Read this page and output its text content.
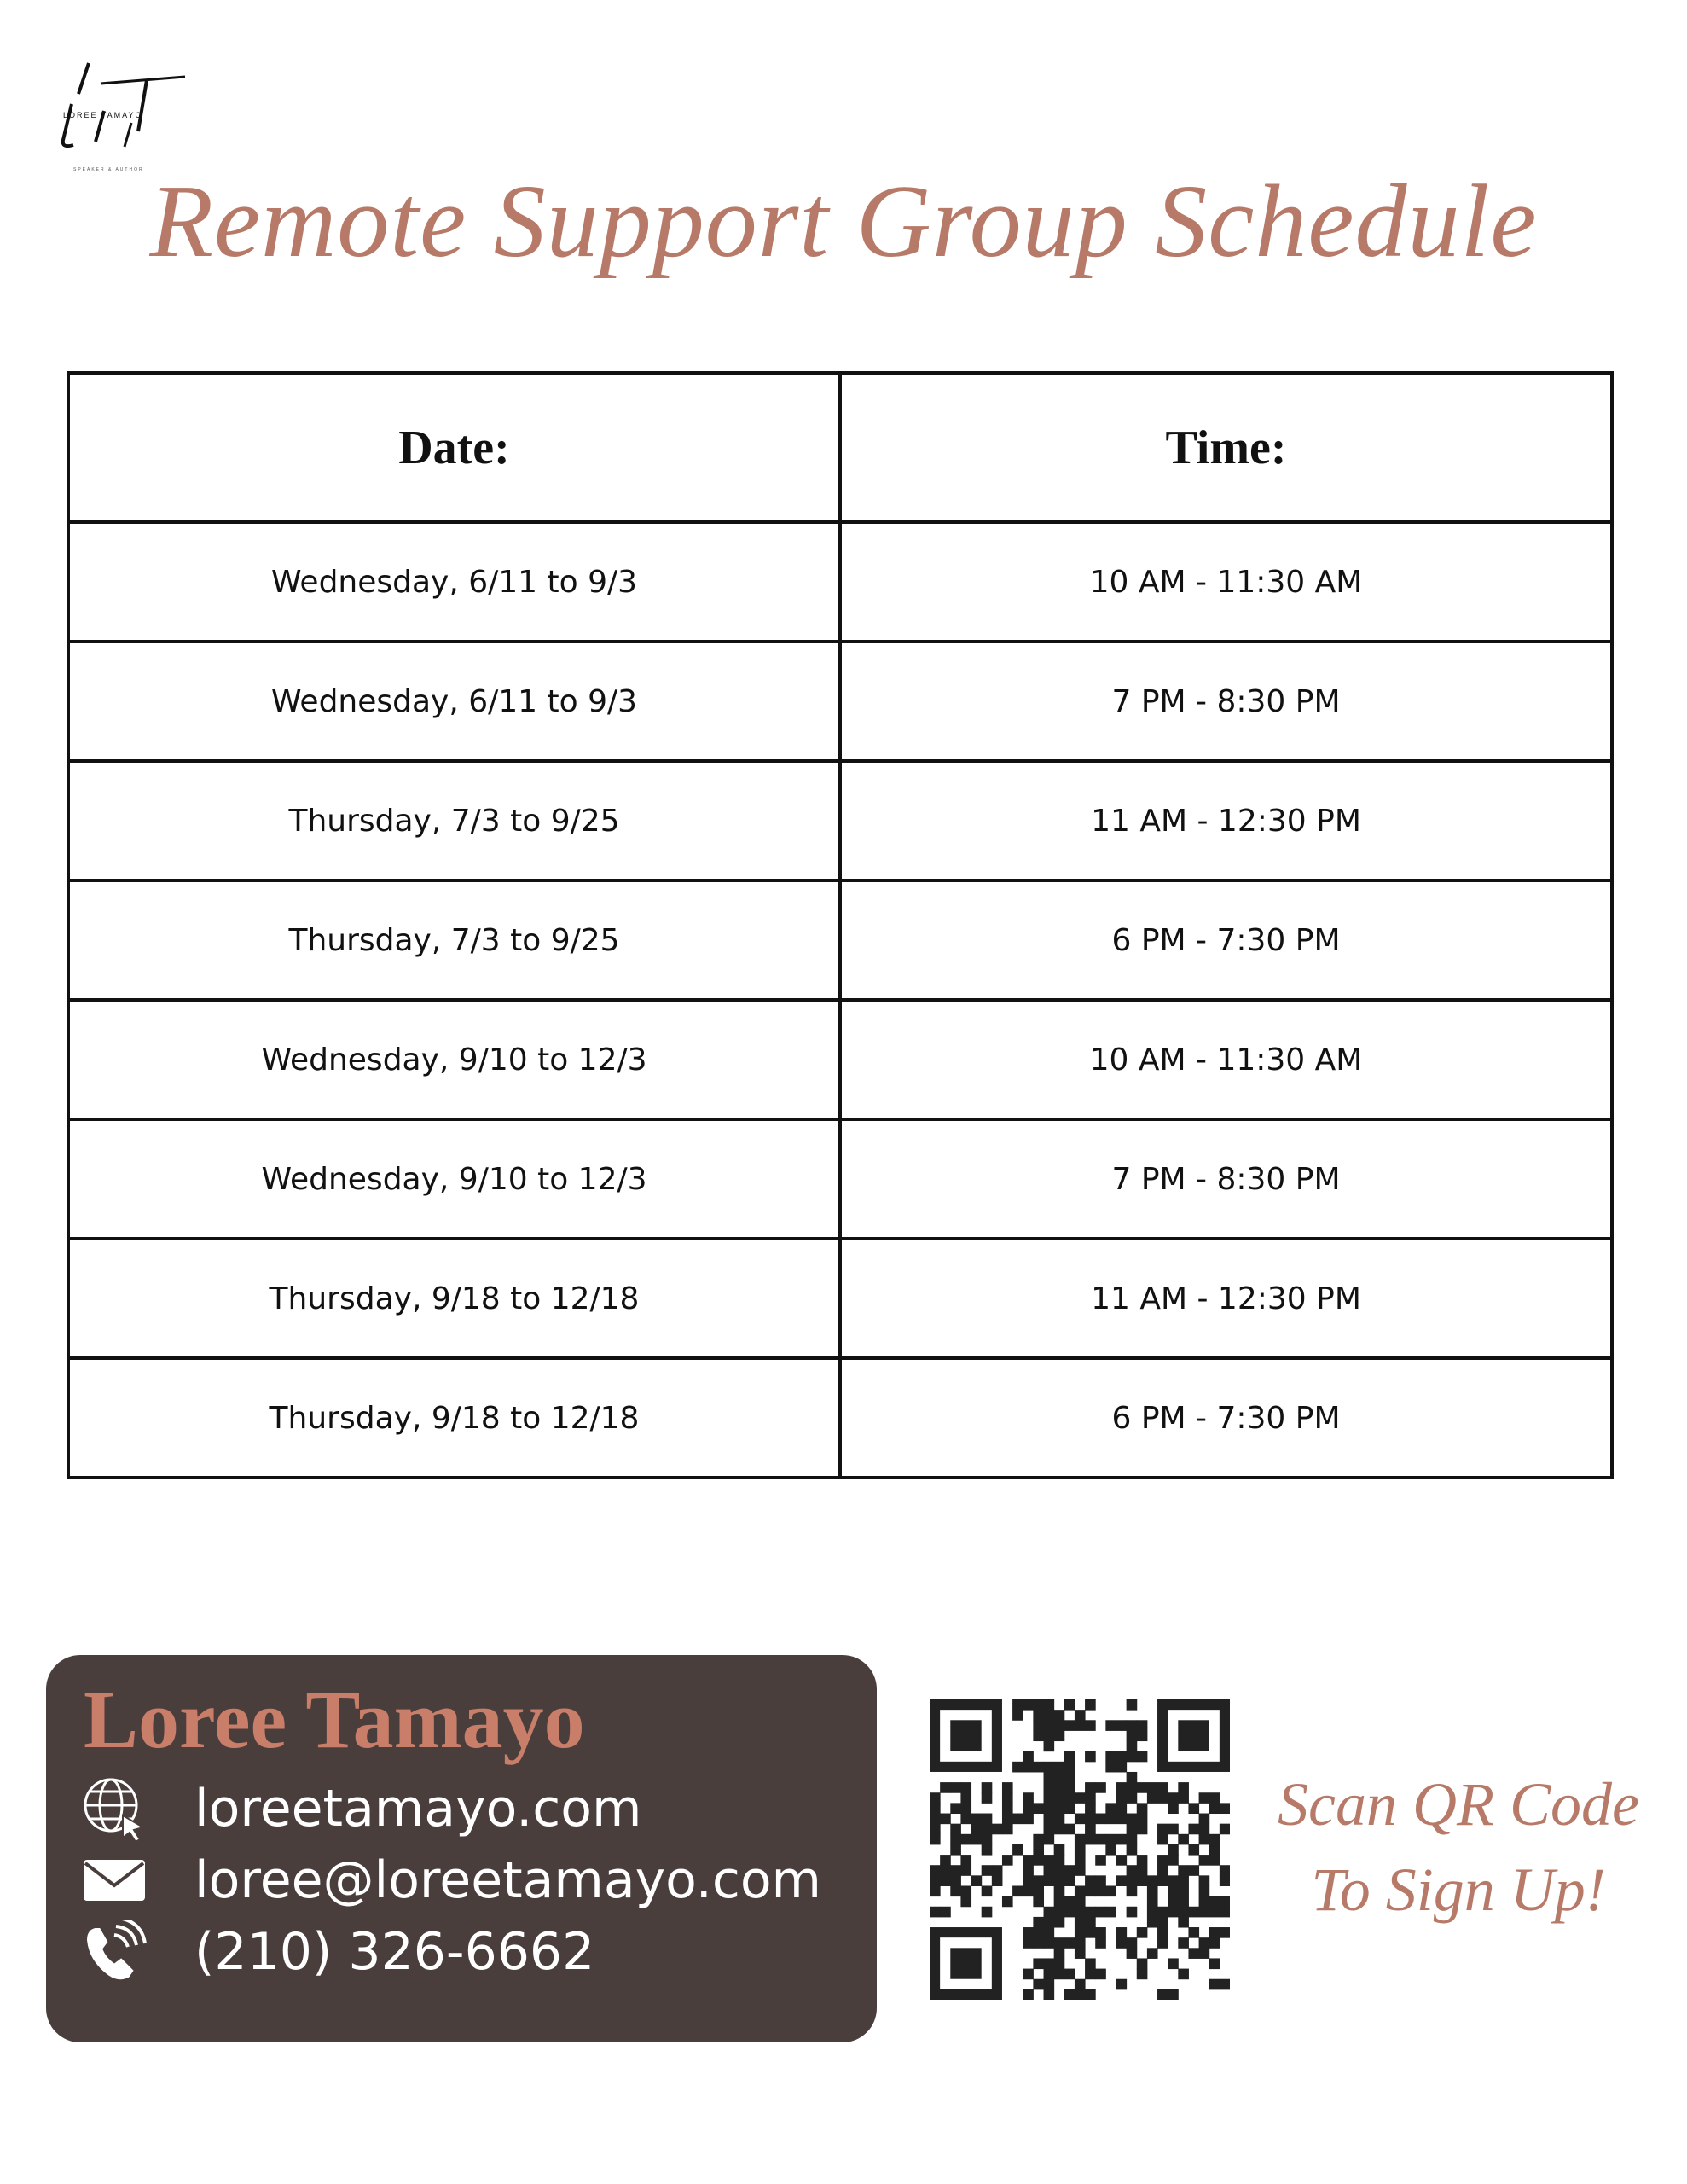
LOREE TAMAYO
SPEAKER & AUTHOR Remote Support Group Schedule
Date:	Time:
Wednesday, 6/11 to 9/3	10 AM - 11:30 AM
Wednesday, 6/11 to 9/3	7 PM - 8:30 PM
Thursday, 7/3 to 9/25	11 AM - 12:30 PM
Thursday, 7/3 to 9/25	6 PM - 7:30 PM
Wednesday, 9/10 to 12/3	10 AM - 11:30 AM
Wednesday, 9/10 to 12/3	7 PM - 8:30 PM
Thursday, 9/18 to 12/18	11 AM - 12:30 PM
Thursday, 9/18 to 12/18	6 PM - 7:30 PM
Loree Tamayo
loreetamayo.com
loree@loreetamayo.com
(210) 326-6662
Scan QR Code
To Sign Up!
